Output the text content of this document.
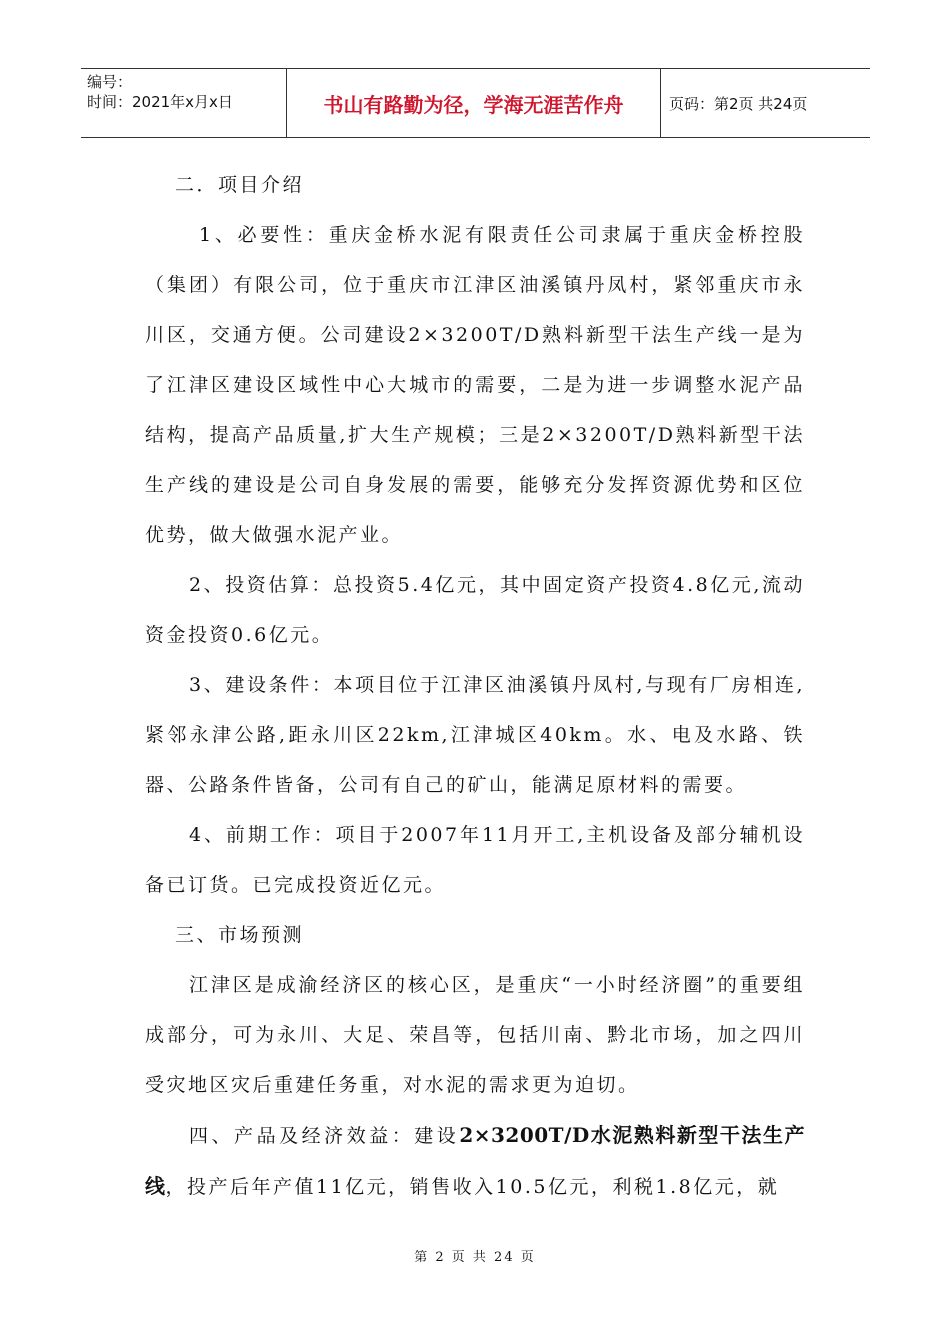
编号：
时间：2021年x月x日	书山有路勤为径，学海无涯苦作舟	页码：第2页 共24页

二．项目介绍

1、必要性：重庆金桥水泥有限责任公司隶属于重庆金桥控股（集团）有限公司，位于重庆市江津区油溪镇丹凤村，紧邻重庆市永川区，交通方便。公司建设2×3200T/D熟料新型干法生产线一是为了江津区建设区域性中心大城市的需要，二是为进一步调整水泥产品结构，提高产品质量,扩大生产规模；三是2×3200T/D熟料新型干法生产线的建设是公司自身发展的需要，能够充分发挥资源优势和区位优势，做大做强水泥产业。

2、投资估算：总投资5.4亿元，其中固定资产投资4.8亿元,流动资金投资0.6亿元。

3、建设条件：本项目位于江津区油溪镇丹凤村,与现有厂房相连,紧邻永津公路,距永川区22km,江津城区40km。水、电及水路、铁器、公路条件皆备，公司有自己的矿山，能满足原材料的需要。

4、前期工作：项目于2007年11月开工,主机设备及部分辅机设备已订货。已完成投资近亿元。

三、市场预测

江津区是成渝经济区的核心区，是重庆“一小时经济圈”的重要组成部分，可为永川、大足、荣昌等，包括川南、黔北市场，加之四川受灾地区灾后重建任务重，对水泥的需求更为迫切。

四、产品及经济效益：建设2×3200T/D水泥熟料新型干法生产线，投产后年产值11亿元，销售收入10.5亿元，利税1.8亿元，就

第 2 页 共 24 页
